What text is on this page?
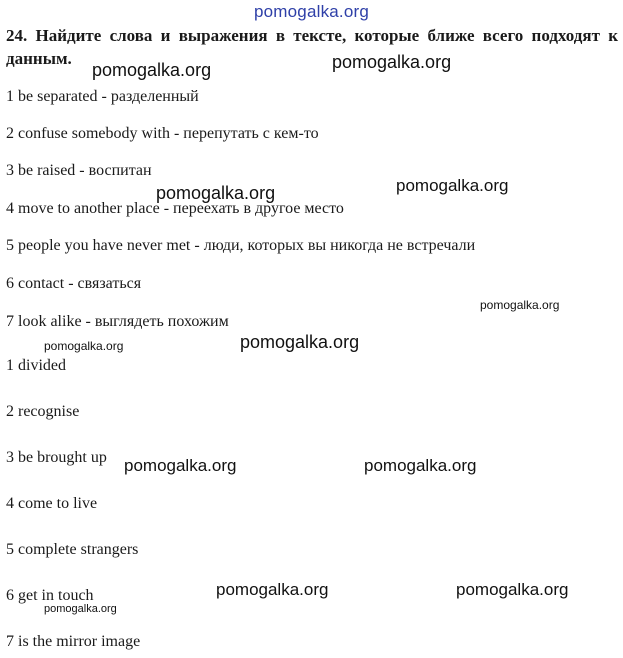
pomogalka.org
24. Найдите слова и выражения в тексте, которые ближе всего подходят к данным.
1 be separated - разделенный
2 confuse somebody with - перепутать с кем-то
3 be raised - воспитан
4 move to another place - переехать в другое место
5 people you have never met - люди, которых вы никогда не встречали
6 contact - связаться
7 look alike - выглядеть похожим
1 divided
2 recognise
3 be brought up
4 come to live
5 complete strangers
6 get in touch
7 is the mirror image
pomogalka.org	pomogalka.org
pomogalka.org	pomogalka.org
pomogalka.org
pomogalka.org	pomogalka.org
pomogalka.org	pomogalka.org
pomogalka.org	pomogalka.org
pomogalka.org
